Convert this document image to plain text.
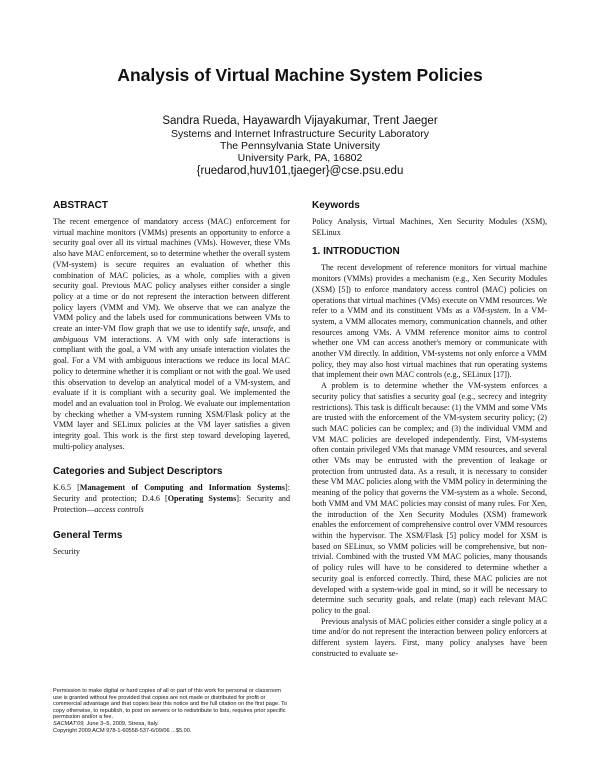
Analysis of Virtual Machine System Policies
Sandra Rueda, Hayawardh Vijayakumar, Trent Jaeger
Systems and Internet Infrastructure Security Laboratory
The Pennsylvania State University
University Park, PA, 16802
{ruedarod,huv101,tjaeger}@cse.psu.edu
ABSTRACT

The recent emergence of mandatory access (MAC) enforcement for virtual machine monitors (VMMs) presents an opportunity to enforce a security goal over all its virtual machines (VMs). However, these VMs also have MAC enforcement, so to determine whether the overall system (VM-system) is secure requires an evaluation of whether this combination of MAC policies, as a whole, complies with a given security goal. Previous MAC policy analyses either consider a single policy at a time or do not represent the interaction between different policy layers (VMM and VM). We observe that we can analyze the VMM policy and the labels used for communications between VMs to create an inter-VM flow graph that we use to identify safe, unsafe, and ambiguous VM interactions. A VM with only safe interactions is compliant with the goal, a VM with any unsafe interaction violates the goal. For a VM with ambiguous interactions we reduce its local MAC policy to determine whether it is compliant or not with the goal. We used this observation to develop an analytical model of a VM-system, and evaluate if it is compliant with a security goal. We implemented the model and an evaluation tool in Prolog. We evaluate our implementation by checking whether a VM-system running XSM/Flask policy at the VMM layer and SELinux policies at the VM layer satisfies a given integrity goal. This work is the first step toward developing layered, multi-policy analyses.

Categories and Subject Descriptors

K.6.5 [Management of Computing and Information Systems]: Security and protection; D.4.6 [Operating Systems]: Security and Protection—access controls

General Terms

Security

Permission to make digital or hard copies of all or part of this work for personal or classroom use is granted without fee provided that copies are not made or distributed for profit or commercial advantage and that copies bear this notice and the full citation on the first page. To copy otherwise, to republish, to post on servers or to redistribute to lists, requires prior specific permission and/or a fee.
SACMAT’09, June 3–5, 2009, Stresa, Italy.
Copyright 2009 ACM 978-1-60558-537-6/09/06 ...$5.00.
Keywords

Policy Analysis, Virtual Machines, Xen Security Modules (XSM), SELinux

1. INTRODUCTION

The recent development of reference monitors for virtual machine monitors (VMMs) provides a mechanism (e.g., Xen Security Modules (XSM) [5]) to enforce mandatory access control (MAC) policies on operations that virtual machines (VMs) execute on VMM resources. We refer to a VMM and its constituent VMs as a VM-system. In a VM-system, a VMM allocates memory, communication channels, and other resources among VMs. A VMM reference monitor aims to control whether one VM can access another's memory or communicate with another VM directly. In addition, VM-systems not only enforce a VMM policy, they may also host virtual machines that run operating systems that implement their own MAC controls (e.g., SELinux [17]).

A problem is to determine whether the VM-system enforces a security policy that satisfies a security goal (e.g., secrecy and integrity restrictions). This task is difficult because: (1) the VMM and some VMs are trusted with the enforcement of the VM-system security policy; (2) such MAC policies can be complex; and (3) the individual VMM and VM MAC policies are developed independently. First, VM-systems often contain privileged VMs that manage VMM resources, and several other VMs may be entrusted with the prevention of leakage or protection from untrusted data. As a result, it is necessary to consider these VM MAC policies along with the VMM policy in determining the meaning of the policy that governs the VM-system as a whole. Second, both VMM and VM MAC policies may consist of many rules. For Xen, the introduction of the Xen Security Modules (XSM) framework enables the enforcement of comprehensive control over VMM resources within the hypervisor. The XSM/Flask [5] policy model for XSM is based on SELinux, so VMM policies will be comprehensive, but non-trivial. Combined with the trusted VM MAC policies, many thousands of policy rules will have to be considered to determine whether a security goal is enforced correctly. Third, these MAC policies are not developed with a system-wide goal in mind, so it will be necessary to determine such security goals, and relate (map) each relevant MAC policy to the goal.

Previous analysis of MAC policies either consider a single policy at a time and/or do not represent the interaction between policy enforcers at different system layers. First, many policy analyses have been constructed to evaluate se-
